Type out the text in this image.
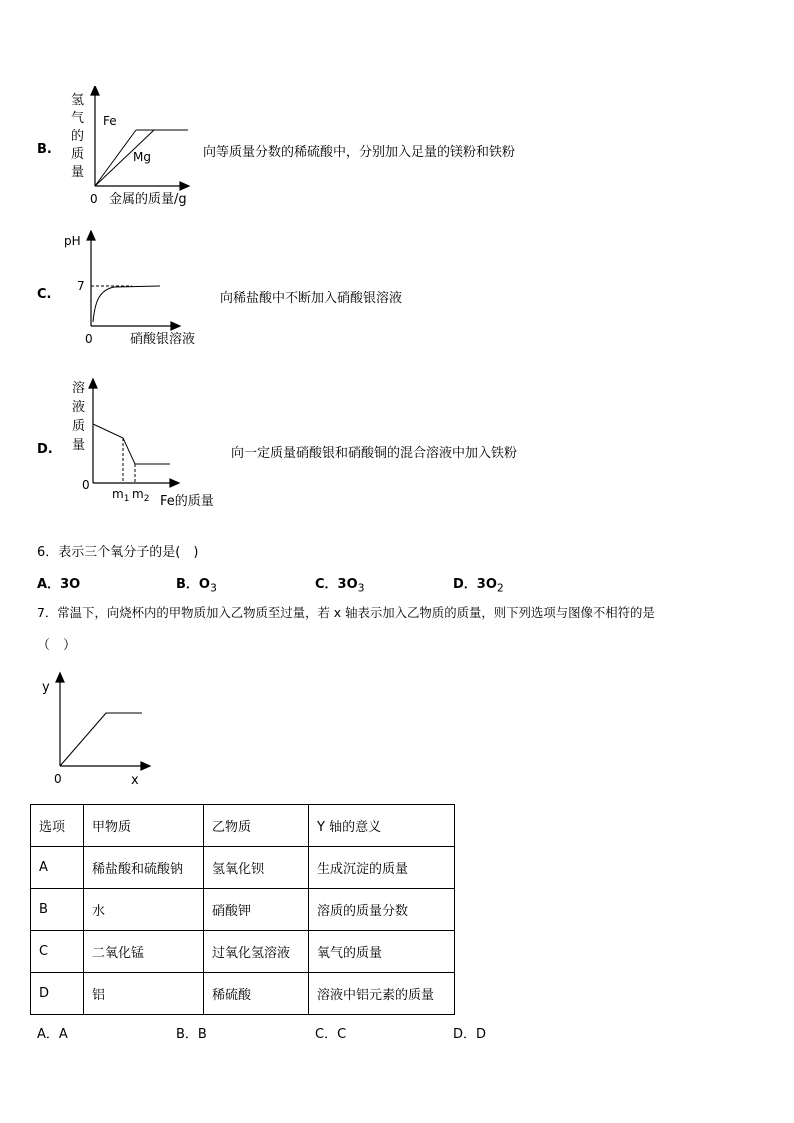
B.
氢
气
的
质
量
Fe
Mg
0 金属的质量/g
向等质量分数的稀硫酸中，分别加入足量的镁粉和铁粉
C.
pH
7
0	硝酸银溶液
向稀盐酸中不断加入硝酸银溶液
D.
溶
液
质
量
0
$m_1$ $m_2$ Fe的质量
向一定质量硝酸银和硝酸铜的混合溶液中加入铁粉
6．表示三个氧分子的是(　)
A．3O	B．$O_3$	C．$3O_3$	D．$3O_2$
7．常温下，向烧杯内的甲物质加入乙物质至过量，若 x 轴表示加入乙物质的质量，则下列选项与图像不相符的是
（　）
y
0	x
选项	甲物质	乙物质	Y 轴的意义
A	稀盐酸和硫酸钠	氢氧化钡	生成沉淀的质量
B	水	硝酸钾	溶质的质量分数
C	二氧化锰	过氧化氢溶液	氧气的质量
D	铝	稀硫酸	溶液中铝元素的质量
A．A	B．B	C．C	D．D
